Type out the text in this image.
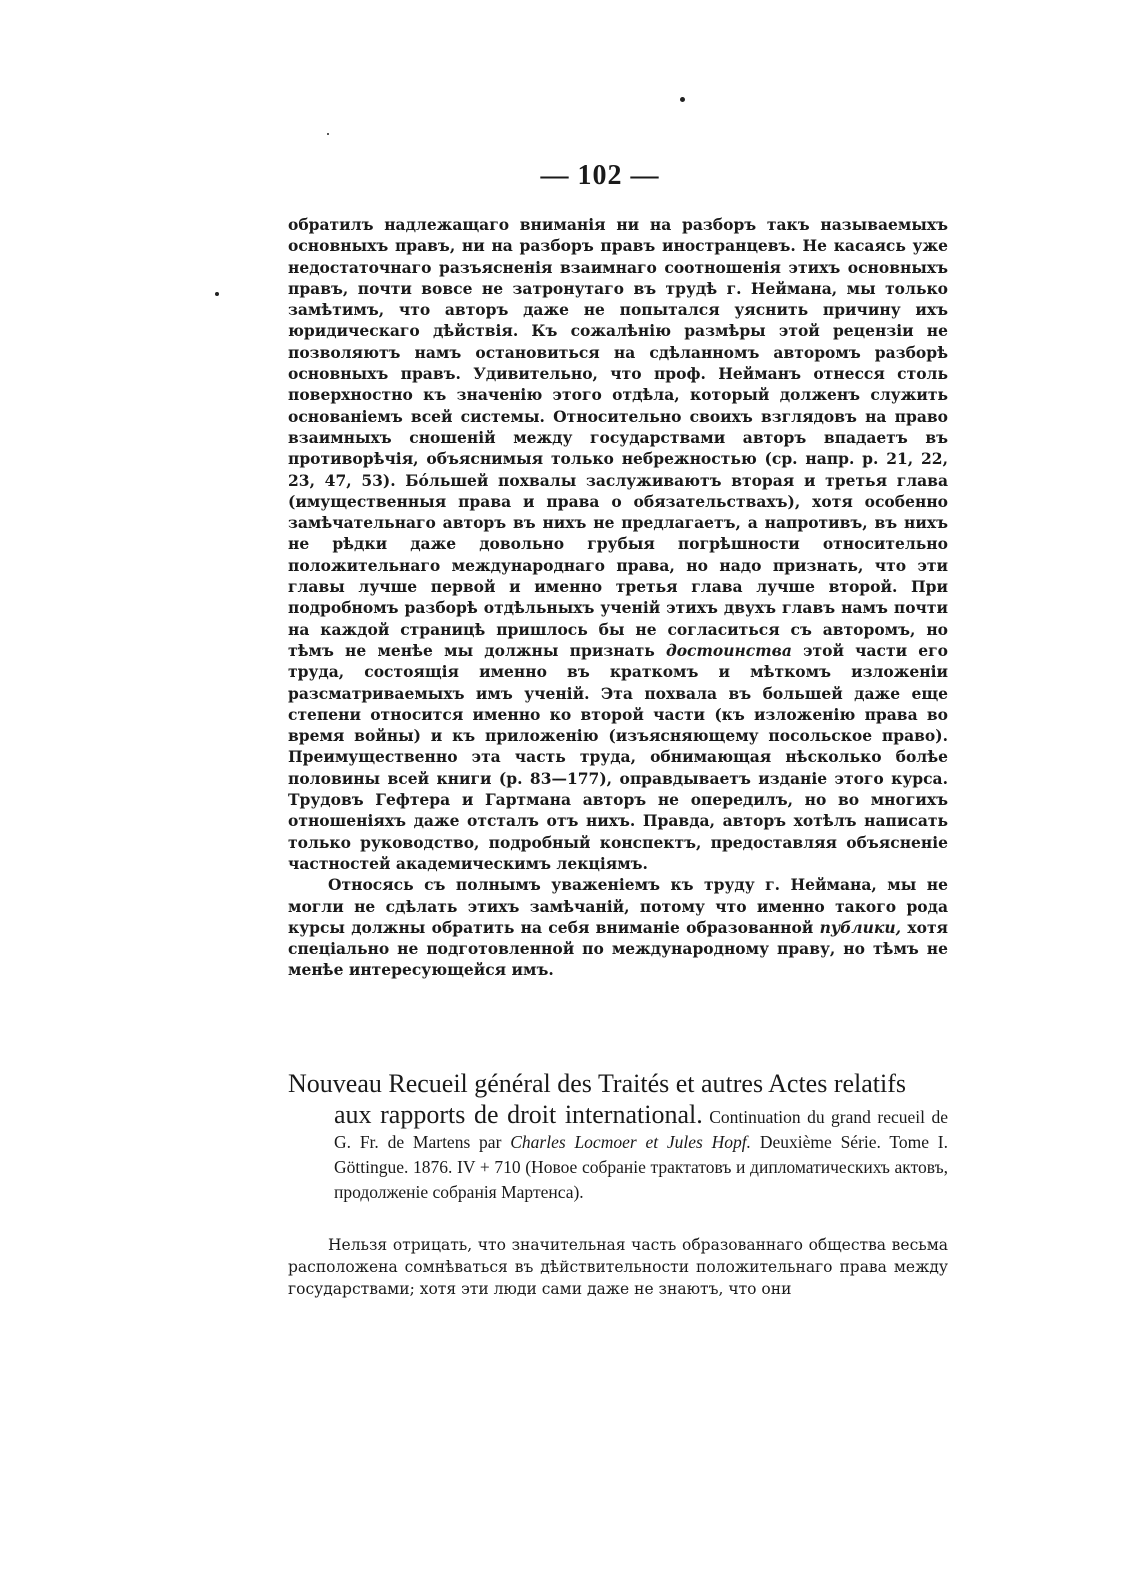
— 102 —

обратилъ надлежащаго вниманія ни на разборъ такъ называемыхъ основныхъ правъ, ни на разборъ правъ иностранцевъ. Не касаясь уже недостаточнаго разъясненія взаимнаго соотношенія этихъ основныхъ правъ, почти вовсе не затронутаго въ трудѣ г. Неймана, мы только замѣтимъ, что авторъ даже не попытался уяснить причину ихъ юридическаго дѣйствія. Къ сожалѣнію размѣры этой рецензіи не позволяютъ намъ остановиться на сдѣланномъ авторомъ разборѣ основныхъ правъ. Удивительно, что проф. Нейманъ отнесся столь поверхностно къ значенію этого отдѣла, который долженъ служить основаніемъ всей системы. Относительно своихъ взглядовъ на право взаимныхъ сношеній между государствами авторъ впадаетъ въ противорѣчія, объяснимыя только небрежностью (ср. напр. р. 21, 22, 23, 47, 53). Бо́льшей похвалы заслуживаютъ вторая и третья глава (имущественныя права и права о обязательствахъ), хотя особенно замѣчательнаго авторъ въ нихъ не предлагаетъ, а напротивъ, въ нихъ не рѣдки даже довольно грубыя погрѣшности относительно положительнаго международнаго права, но надо признать, что эти главы лучше первой и именно третья глава лучше второй. При подробномъ разборѣ отдѣльныхъ ученій этихъ двухъ главъ намъ почти на каждой страницѣ пришлось бы не согласиться съ авторомъ, но тѣмъ не менѣе мы должны признать достоинства этой части его труда, состоящія именно въ краткомъ и мѣткомъ изложеніи разсматриваемыхъ имъ ученій. Эта похвала въ большей даже еще степени относится именно ко второй части (къ изложенію права во время войны) и къ приложенію (изъясняющему посольское право). Преимущественно эта часть труда, обнимающая нѣсколько болѣе половины всей книги (р. 83—177), оправдываетъ изданіе этого курса. Трудовъ Гефтера и Гартмана авторъ не опередилъ, но во многихъ отношеніяхъ даже отсталъ отъ нихъ. Правда, авторъ хотѣлъ написать только руководство, подробный конспектъ, предоставляя объясненіе частностей академическимъ лекціямъ.

Относясь съ полнымъ уваженіемъ къ труду г. Неймана, мы не могли не сдѣлать этихъ замѣчаній, потому что именно такого рода курсы должны обратить на себя вниманіе образованной публики, хотя спеціально не подготовленной по международному праву, но тѣмъ не менѣе интересующейся имъ.

Nouveau Recueil général des Traités et autres Actes relatifs
aux rapports de droit international. Continuation du grand recueil de G. Fr. de Martens par Charles Locmoer et Jules Hopf. Deuxième Série. Tome I. Göttingue. 1876. IV + 710 (Новое собраніе трактатовъ и дипломатическихъ актовъ, продолженіе собранія Мартенса).
Нельзя отрицать, что значительная часть образованнаго общества весьма расположена сомнѣваться въ дѣйствительности положительнаго права между государствами; хотя эти люди сами даже не знаютъ, что они
